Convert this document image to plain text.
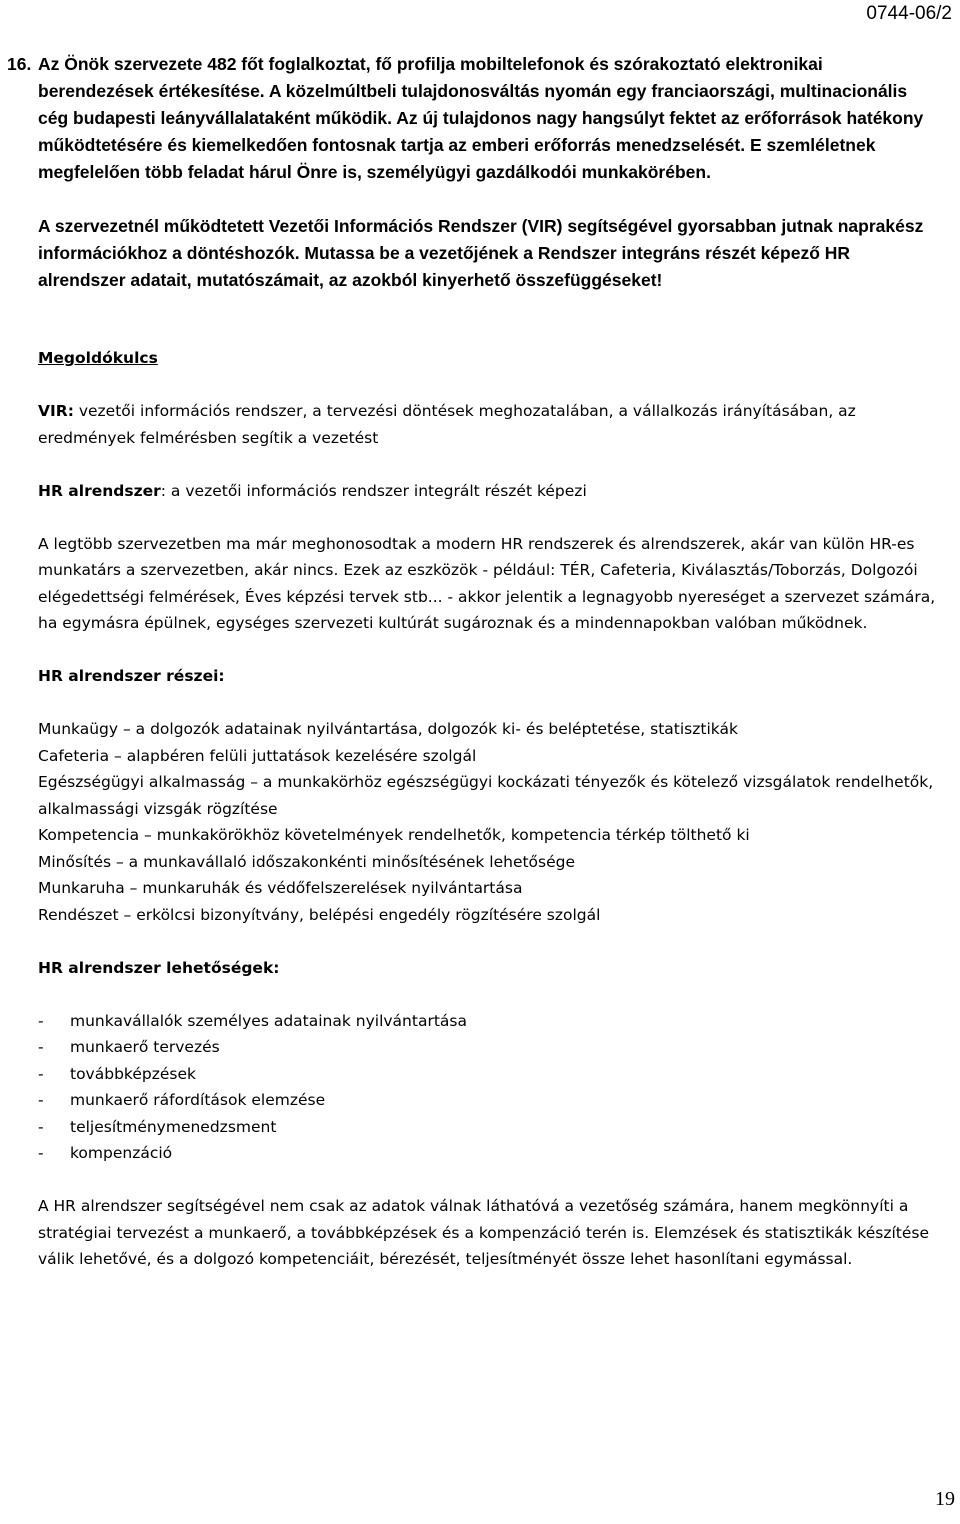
0744-06/2
16. Az Önök szervezete 482 főt foglalkoztat, fő profilja mobiltelefonok és szórakoztató elektronikai berendezések értékesítése. A közelmúltbeli tulajdonosváltás nyomán egy franciaországi, multinacionális cég budapesti leányvállalataként működik. Az új tulajdonos nagy hangsúlyt fektet az erőforrások hatékony működtetésére és kiemelkedően fontosnak tartja az emberi erőforrás menedzselését. E szemléletnek megfelelően több feladat hárul Önre is, személyügyi gazdálkodói munkakörében.
A szervezetnél működtetett Vezetői Információs Rendszer (VIR) segítségével gyorsabban jutnak naprakész információkhoz a döntéshozók. Mutassa be a vezetőjének a Rendszer integráns részét képező HR alrendszer adatait, mutatószámait, az azokból kinyerhető összefüggéseket!

Megoldókulcs

VIR: vezetői információs rendszer, a tervezési döntések meghozatalában, a vállalkozás irányításában, az eredmények felmérésben segítik a vezetést

HR alrendszer: a vezetői információs rendszer integrált részét képezi

A legtöbb szervezetben ma már meghonosodtak a modern HR rendszerek és alrendszerek, akár van külön HR-es munkatárs a szervezetben, akár nincs. Ezek az eszközök - például: TÉR, Cafeteria, Kiválasztás/Toborzás, Dolgozói elégedettségi felmérések, Éves képzési tervek stb... - akkor jelentik a legnagyobb nyereséget a szervezet számára, ha egymásra épülnek, egységes szervezeti kultúrát sugároznak és a mindennapokban valóban működnek.

HR alrendszer részei:

Munkaügy – a dolgozók adatainak nyilvántartása, dolgozók ki- és beléptetése, statisztikák
Cafeteria – alapbéren felüli juttatások kezelésére szolgál
Egészségügyi alkalmasság – a munkakörhöz egészségügyi kockázati tényezők és kötelező vizsgálatok rendelhetők, alkalmassági vizsgák rögzítése
Kompetencia – munkakörökhöz követelmények rendelhetők, kompetencia térkép tölthető ki
Minősítés – a munkavállaló időszakonkénti minősítésének lehetősége
Munkaruha – munkaruhák és védőfelszerelések nyilvántartása
Rendészet – erkölcsi bizonyítvány, belépési engedély rögzítésére szolgál

HR alrendszer lehetőségek:

- munkavállalók személyes adatainak nyilvántartása
- munkaerő tervezés
- továbbképzések
- munkaerő ráfordítások elemzése
- teljesítménymenedzsment
- kompenzáció

A HR alrendszer segítségével nem csak az adatok válnak láthatóvá a vezetőség számára, hanem megkönnyíti a stratégiai tervezést a munkaerő, a továbbképzések és a kompenzáció terén is. Elemzések és statisztikák készítése válik lehetővé, és a dolgozó kompetenciáit, bérezését, teljesítményét össze lehet hasonlítani egymással.

19
